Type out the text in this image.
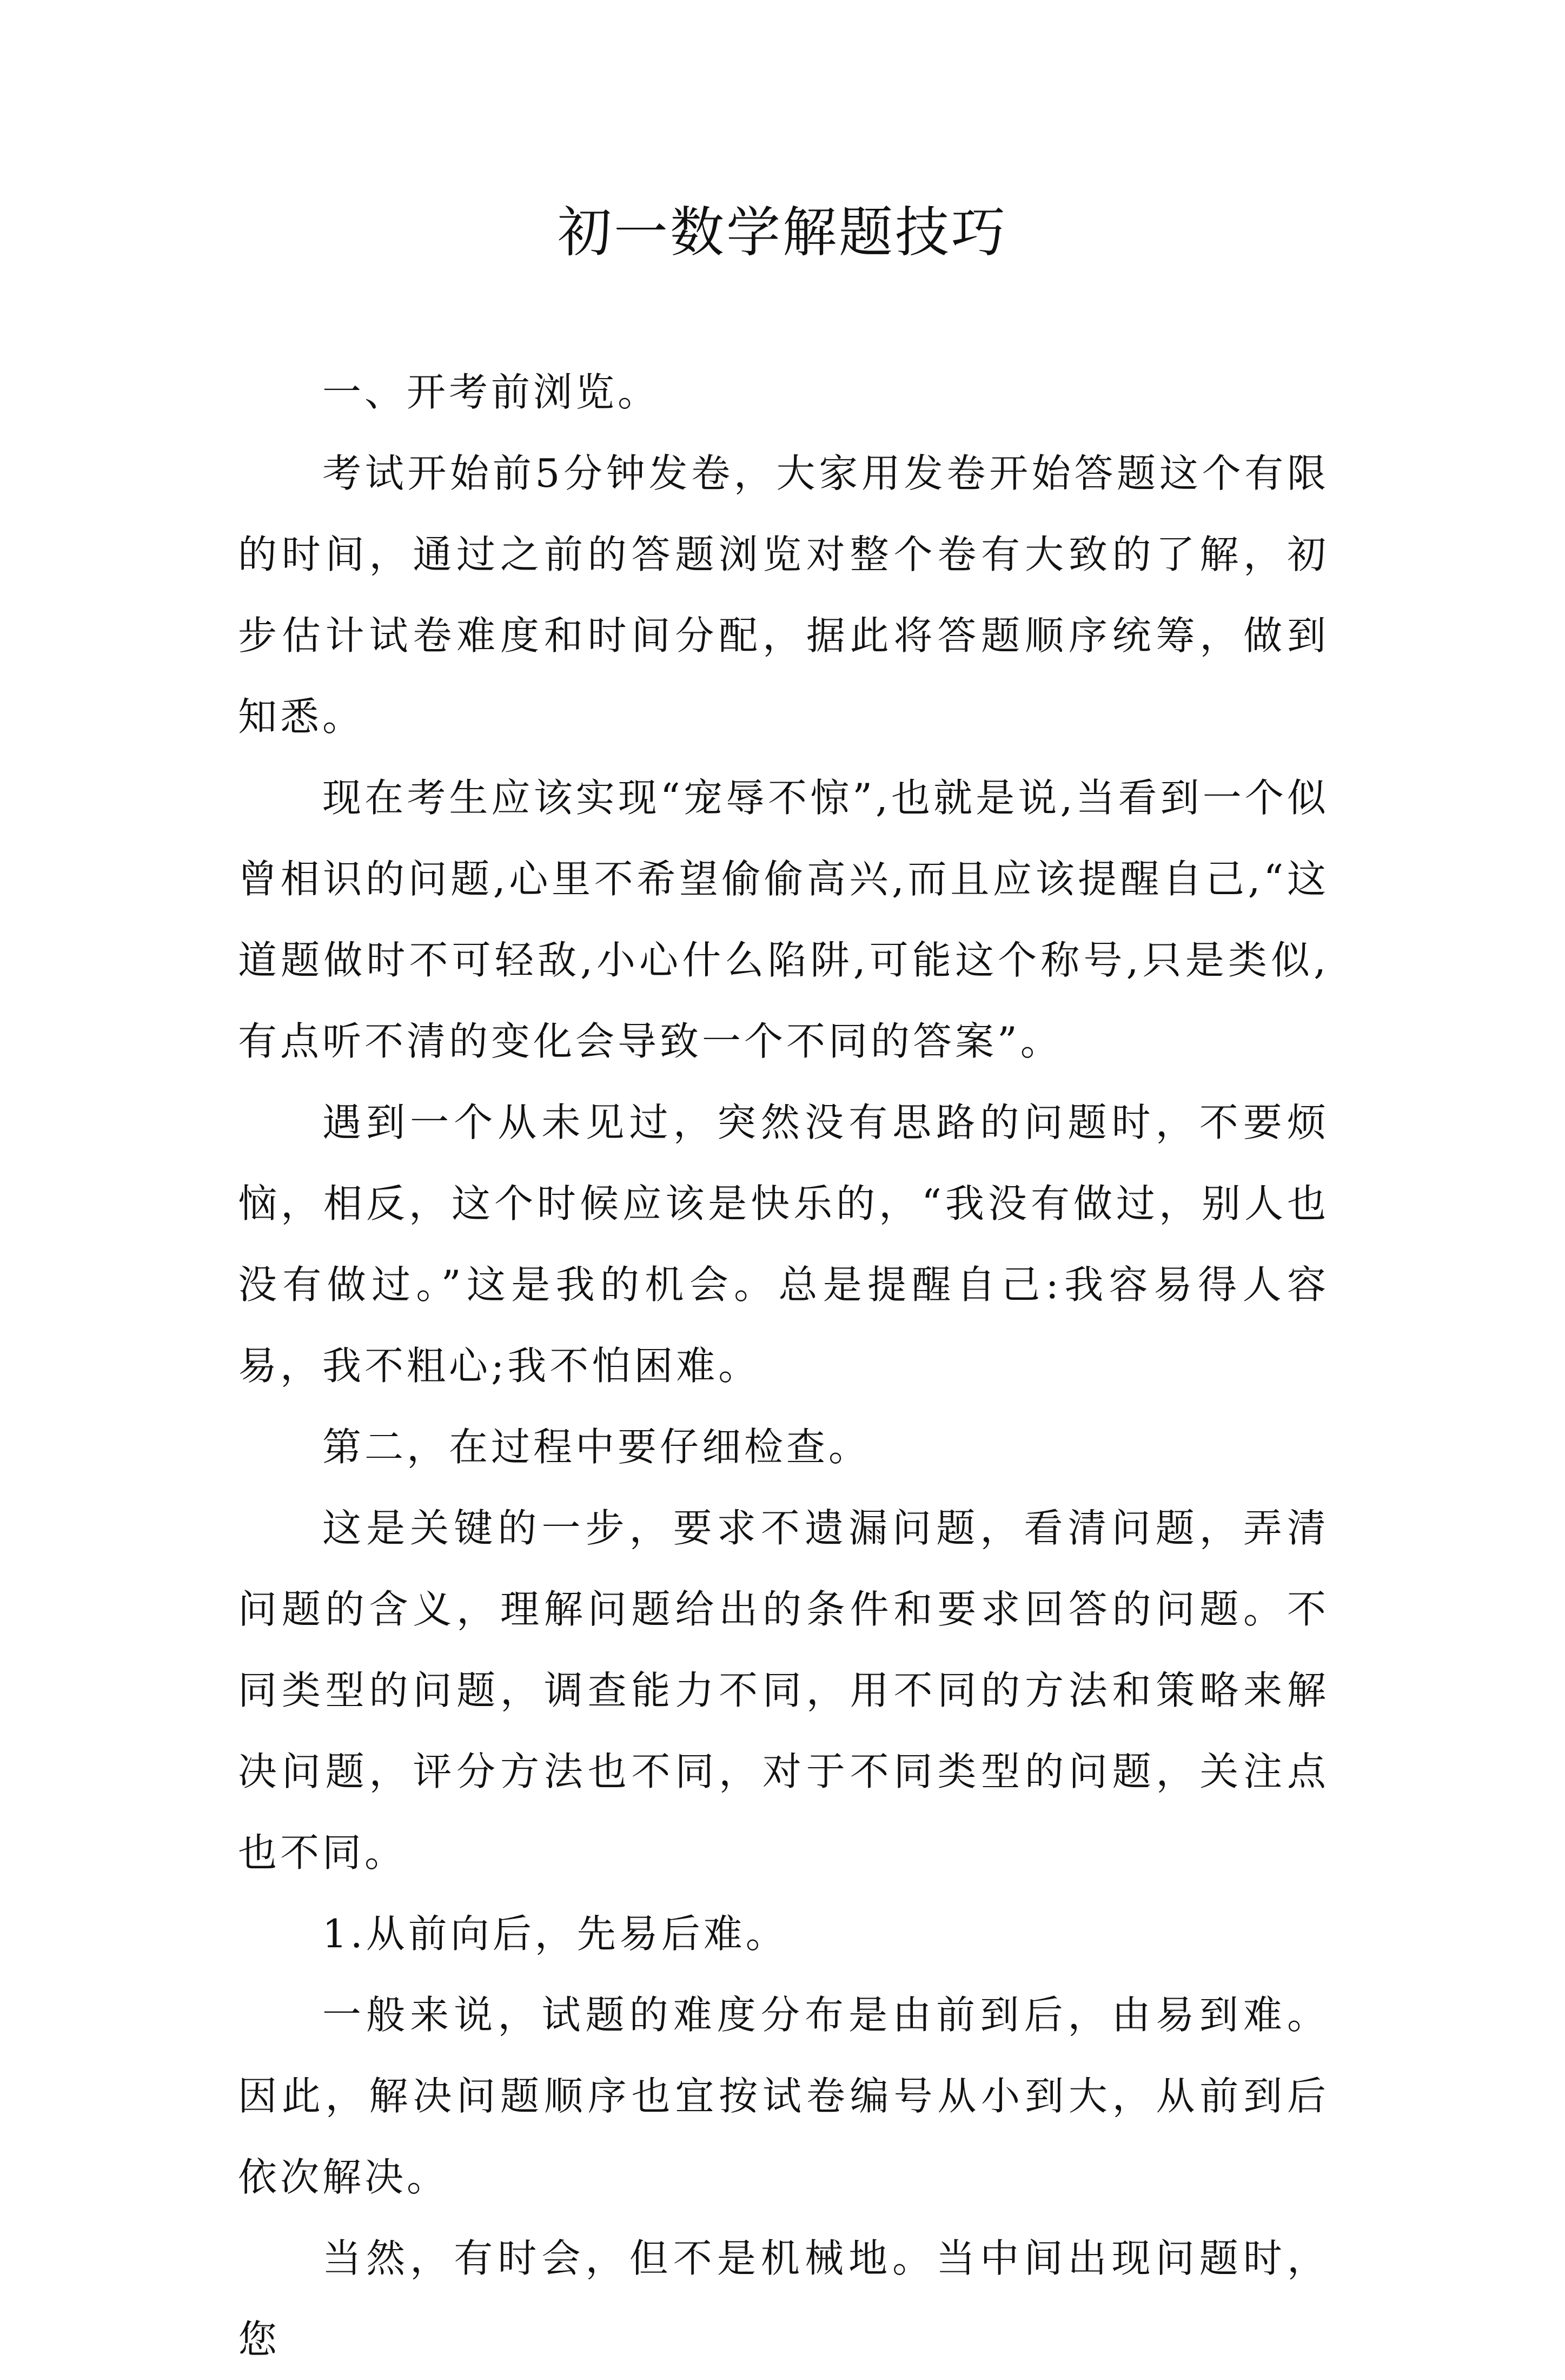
初一数学解题技巧

一、开考前浏览。

考试开始前5分钟发卷，大家用发卷开始答题这个有限的时间，通过之前的答题浏览对整个卷有大致的了解，初步估计试卷难度和时间分配，据此将答题顺序统筹，做到知悉。

现在考生应该实现“宠辱不惊”,也就是说,当看到一个似曾相识的问题,心里不希望偷偷高兴,而且应该提醒自己,“这道题做时不可轻敌,小心什么陷阱,可能这个称号,只是类似,有点听不清的变化会导致一个不同的答案”。

遇到一个从未见过，突然没有思路的问题时，不要烦恼，相反，这个时候应该是快乐的，“我没有做过，别人也没有做过。”这是我的机会。总是提醒自己:我容易得人容易，我不粗心;我不怕困难。

第二，在过程中要仔细检查。

这是关键的一步，要求不遗漏问题，看清问题，弄清问题的含义，理解问题给出的条件和要求回答的问题。不同类型的问题，调查能力不同，用不同的方法和策略来解决问题，评分方法也不同，对于不同类型的问题，关注点也不同。

1.从前向后，先易后难。

一般来说，试题的难度分布是由前到后，由易到难。因此，解决问题顺序也宜按试卷编号从小到大，从前到后依次解决。

当然，有时会，但不是机械地。当中间出现问题时，您
